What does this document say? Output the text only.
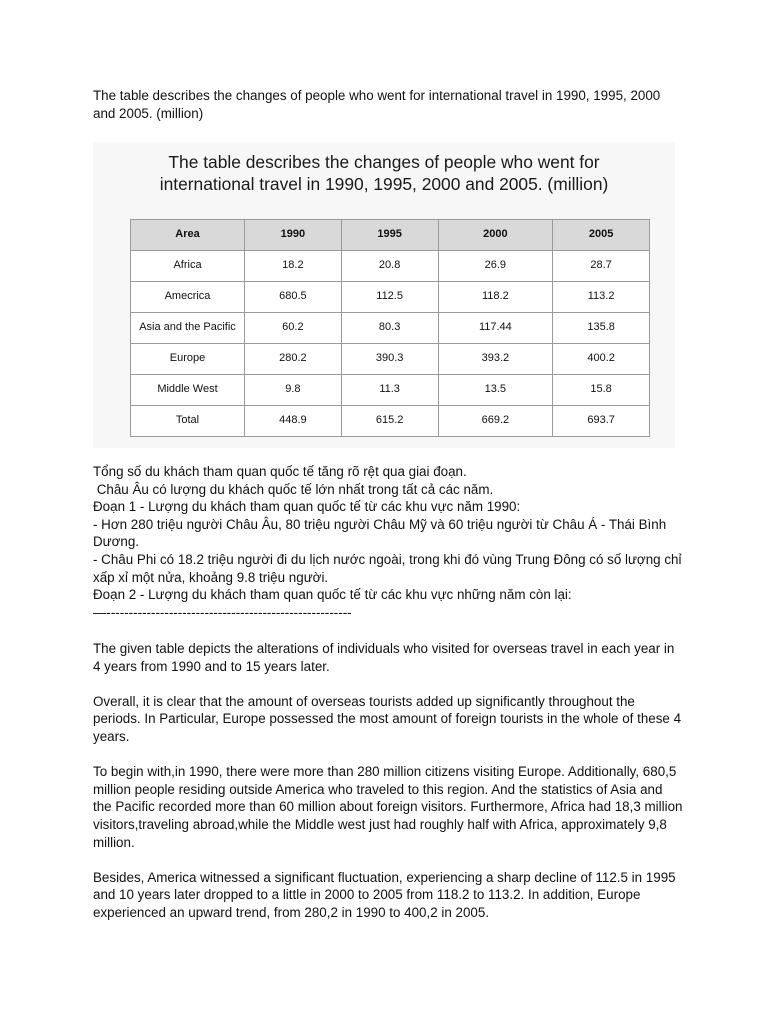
The table describes the changes of people who went for international travel in 1990, 1995, 2000 and 2005. (million)

The table describes the changes of people who went for
international travel in 1990, 1995, 2000 and 2005. (million)
Area	1990	1995	2000	2005
Africa	18.2	20.8	26.9	28.7
Amecrica	680.5	112.5	118.2	113.2
Asia and the Pacific	60.2	80.3	117.44	135.8
Europe	280.2	390.3	393.2	400.2
Middle West	9.8	11.3	13.5	15.8
Total	448.9	615.2	669.2	693.7

Tổng số du khách tham quan quốc tế tăng rõ rệt qua giai đoạn.

Châu Âu có lượng du khách quốc tế lớn nhất trong tất cả các năm.

Đoạn 1 - Lượng du khách tham quan quốc tế từ các khu vực năm 1990:

- Hơn 280 triệu người Châu Âu, 80 triệu người Châu Mỹ và 60 triệu người từ Châu Á - Thái Bình Dương.

- Châu Phi có 18.2 triệu người đi du lịch nước ngoài, trong khi đó vùng Trung Đông có số lượng chỉ xấp xỉ một nửa, khoảng 9.8 triệu người.

Đoạn 2 - Lượng du khách tham quan quốc tế từ các khu vực những năm còn lại:

—-------------------------------------------------------

The given table depicts the alterations of individuals who visited for overseas travel in each year in 4 years from 1990 and to 15 years later.

Overall, it is clear that the amount of overseas tourists added up significantly throughout the periods. In Particular, Europe possessed the most amount of foreign tourists in the whole of these 4 years.

To begin with,in 1990, there were more than 280 million citizens visiting Europe. Additionally, 680,5 million people residing outside America who traveled to this region. And the statistics of Asia and the Pacific recorded more than 60 million about foreign visitors. Furthermore, Africa had 18,3 million visitors,traveling abroad,while the Middle west just had roughly half with Africa, approximately 9,8 million.

Besides, America witnessed a significant fluctuation, experiencing a sharp decline of 112.5 in 1995 and 10 years later dropped to a little in 2000 to 2005 from 118.2 to 113.2. In addition, Europe experienced an upward trend, from 280,2 in 1990 to 400,2 in 2005.
